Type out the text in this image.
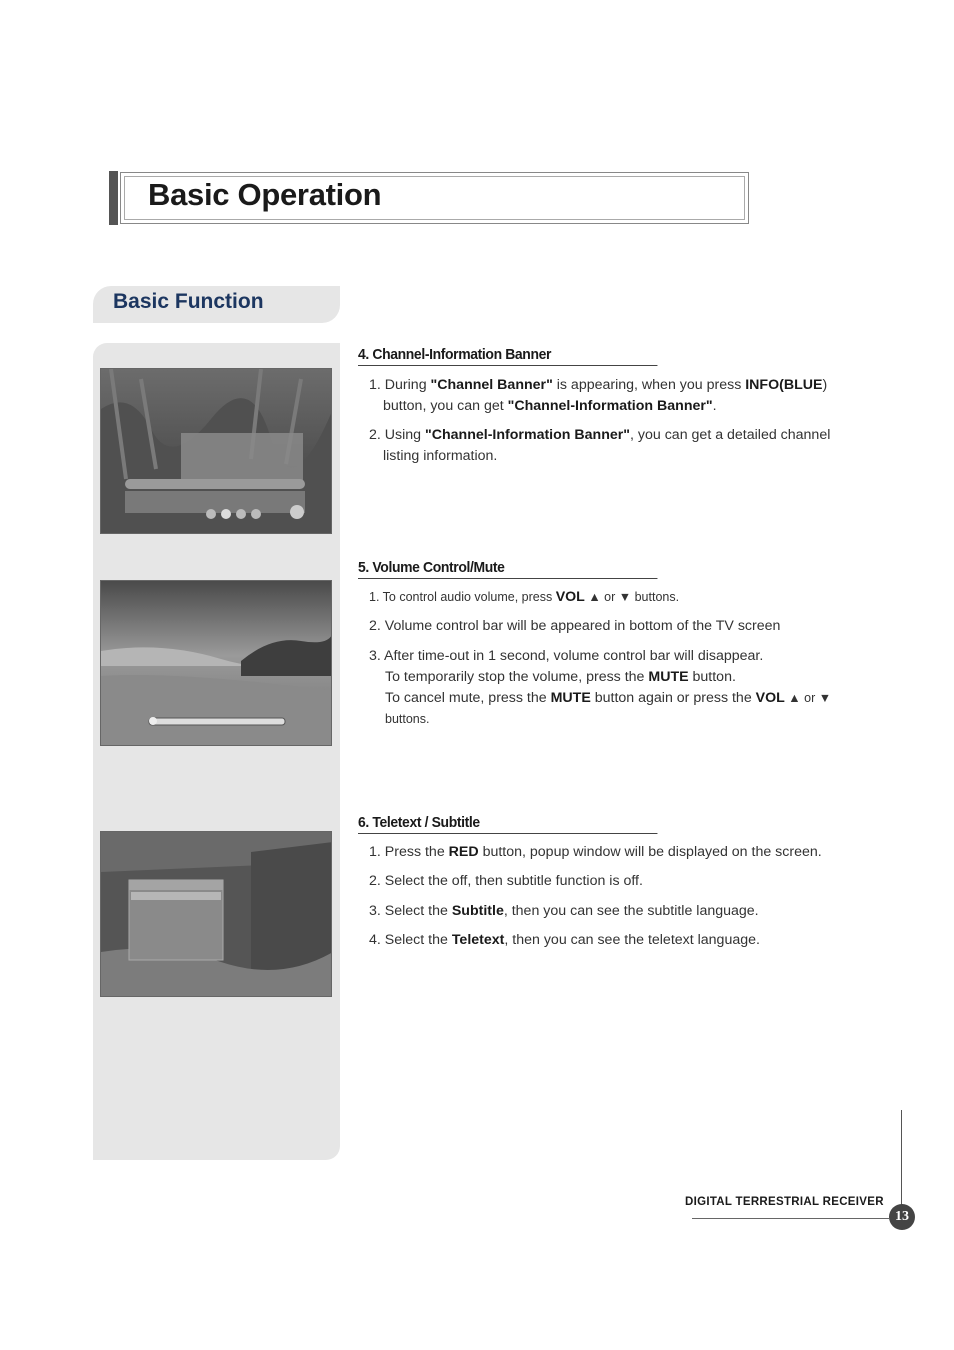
Basic Operation
Basic Function
4. Channel-Information Banner
1. During "Channel Banner" is appearing, when you press INFO(BLUE)
button, you can get "Channel-Information Banner".
2. Using "Channel-Information Banner", you can get a detailed channel
listing information.
5. Volume Control/Mute
1. To control audio volume, press VOL ▲ or ▼ buttons.
2. Volume control bar will be appeared in bottom of the TV screen
3. After time-out in 1 second, volume control bar will disappear.
To temporarily stop the volume, press the MUTE button.
To cancel mute, press the MUTE button again or press the VOL ▲ or ▼
buttons.
6. Teletext / Subtitle
1. Press the RED button, popup window will be displayed on the screen.
2. Select the off, then subtitle function is off.
3. Select the Subtitle, then you can see the subtitle language.
4. Select the Teletext, then you can see the teletext language.
DIGITAL TERRESTRIAL RECEIVER
13
